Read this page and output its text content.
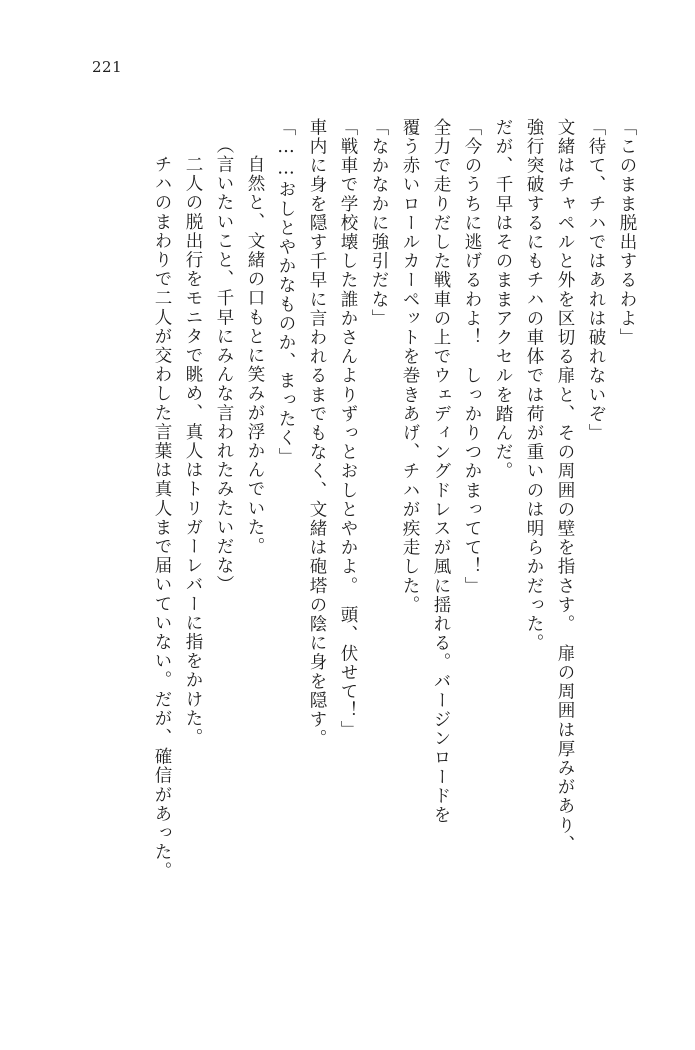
221
「このまま脱出するわよ」
「待て、チハではあれは破れないぞ」
文緒はチャペルと外を区切る扉と、その周囲の壁を指さす。　扉の周囲は厚みがあり、
強行突破するにもチハの車体では荷が重いのは明らかだった。
だが、千早はそのままアクセルを踏んだ。
「今のうちに逃げるわよ！　しっかりつかまってて！」
全力で走りだした戦車の上でウェディングドレスが風に揺れる。バージンロードを
覆う赤いロールカーペットを巻きあげ、チハが疾走した。
「なかなかに強引だな」
「戦車で学校壊した誰かさんよりずっとおしとやかよ。　頭、伏せて！」
車内に身を隠す千早に言われるまでもなく、文緒は砲塔の陰に身を隠す。
「……おしとやかなものか、まったく」
　自然と、文緒の口もとに笑みが浮かんでいた。
（言いたいこと、千早にみんな言われたみたいだな）
　二人の脱出行をモニタで眺め、真人はトリガーレバーに指をかけた。
　チハのまわりで二人が交わした言葉は真人まで届いていない。だが、確信があった。
